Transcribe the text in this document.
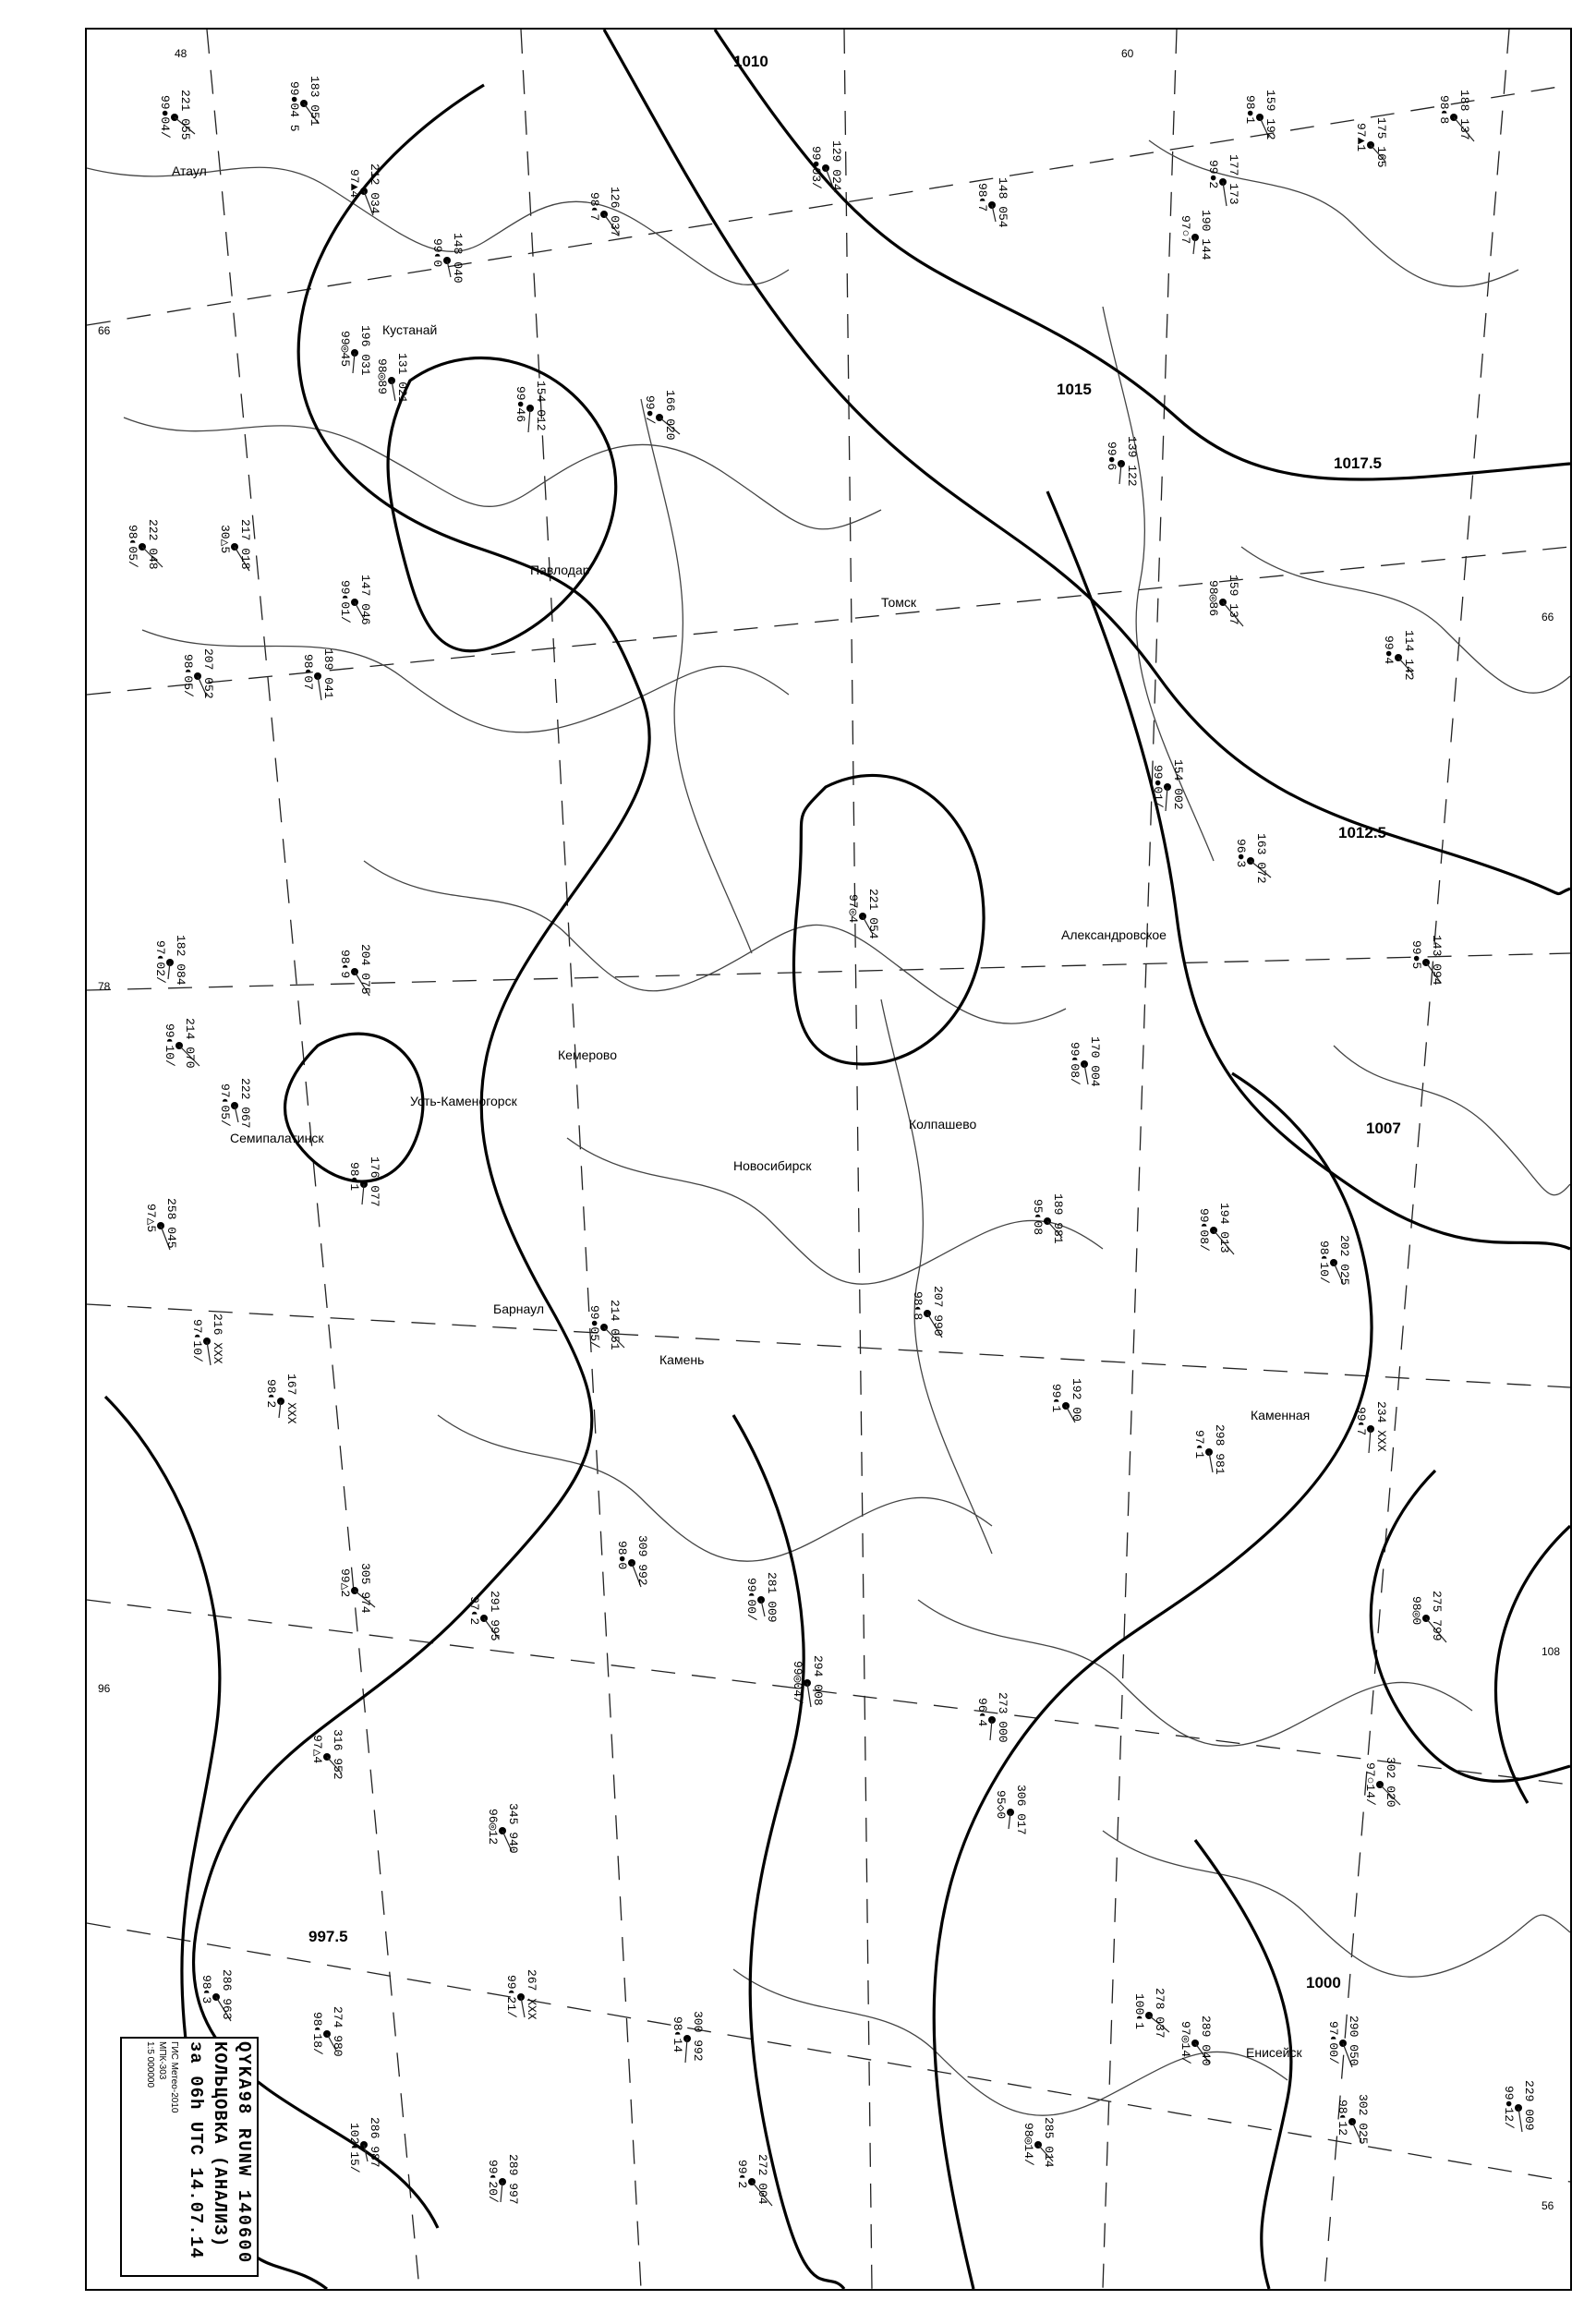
1010
1015
1017.5
1012.5
1007
997.5
1000
48
66
78
96
108
66
60
56
Атаул
Кустанай
Семипалатинск
Павлодар
Барнаул
Камень
Александровское
Колпашево
Усть-Каменогорск
Кемерово
Новосибирск
Томск
Енисейск
Каменная
221 055
99●04/	183 051
99●04 5
212 034
97▲4
148 040
99◐0
196 031
99◎45
188 137
98◐8
175 165
97▲1
159 192
98●1
177 173
99●2
190 144
97○7
222 048
98◐05/	217 018
30△5
147 046
99◐01/
131 021
98◎89
154 012
99●46	166 020
99●/
126 037
98◐7
129 024
99●03/
148 054
98◐7
139 122
99●6
159 137
98◎86
114 142
99●4
207 052
98◐05/	189 041
98◐07
182 084
97◐02/
214 070
99◐10/
204 075
98◐9
221 054
97◎4
170 004
99◐08/
154 002
99●01/
163 072
96●3
143 094
99●5
258 045
97△5
222 067
97◐05/
176 077
98◐1
194 013
99◐08/
189 981
95◐08
202 025
98◐10/
216 XXX
97◐10/
167 XXX
98◐2
214 051
99●05/	207 990
98◐8
192 00
99◐1
298 981
97◐1	234 XXX
99◐7
305 974
99△2
291 995
97◐2
309 992
98●0
281 009
99◐00/
273 000
96◐4
275 799
98◎0
316 952
97△4
345 940
96◎12
294 008
99◎04/
306 017
95◇0	302 020
97○14/
286 963
98◐3
274 980
98◐18/
267 XXX
99◐21/
300 992
98◐14	278 037
100◐1
289 040
97◎14/	290 050
97◐00/
286 987
102◐15/
289 997
99◐20/	272 004
99◐2
285 014
98◎14/	302 025
98◐12	229 009
99●12/
QYKA98 RUNW 140600
КОЛЬЦОВКА (АНАЛИЗ)
за 06h UTC 14.07.14
ГИС Метео-2010
МПК-303
1:5 000000
